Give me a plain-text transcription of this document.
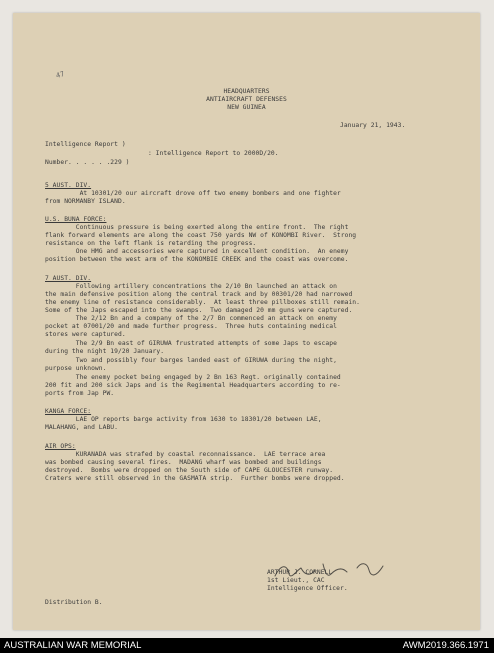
47
HEADQUARTERS
ANTIAIRCRAFT DEFENSES
NEW GUINEA
January 21, 1943.
Intelligence Report )
: Intelligence Report to 2000D/20.
Number. . . . . .229 )
5 AUST. DIV.
At 10301/20 our aircraft drove off two enemy bombers and one fighter
from NORMANBY ISLAND.
U.S. BUNA FORCE:
Continuous pressure is being exerted along the entire front.  The right
flank forward elements are along the coast 750 yards NW of KONOMBI River.  Strong
resistance on the left flank is retarding the progress.
One HMG and accessories were captured in excellent condition.  An enemy
position between the west arm of the KONOMBIE CREEK and the coast was overcome.
7 AUST. DIV.
Following artillery concentrations the 2/10 Bn launched an attack on
the main defensive position along the central track and by 00301/20 had narrowed
the enemy line of resistance considerably.  At least three pillboxes still remain.
Some of the Japs escaped into the swamps.  Two damaged 20 mm guns were captured.
The 2/12 Bn and a company of the 2/7 Bn commenced an attack on enemy
pocket at 07001/20 and made further progress.  Three huts containing medical
stores were captured.
The 2/9 Bn east of GIRUWA frustrated attempts of some Japs to escape
during the night 19/20 January.
Two and possibly four barges landed east of GIRUWA during the night,
purpose unknown.
The enemy pocket being engaged by 2 Bn 163 Regt. originally contained
200 fit and 200 sick Japs and is the Regimental Headquarters according to re-
ports from Jap PW.
KANGA FORCE:
LAE OP reports barge activity from 1630 to 18301/20 between LAE,
MALAHANG, and LABU.
AIR OPS:
KURANADA was strafed by coastal reconnaissance.  LAE terrace area
was bombed causing several fires.  MADANG wharf was bombed and buildings
destroyed.  Bombs were dropped on the South side of CAPE GLOUCESTER runway.
Craters were still observed in the GASMATA strip.  Further bombs were dropped.
ARTHUR J. CORNELL
1st Lieut., CAC
Intelligence Officer.
Distribution B.
AUSTRALIAN WAR MEMORIAL	AWM2019.366.1971
